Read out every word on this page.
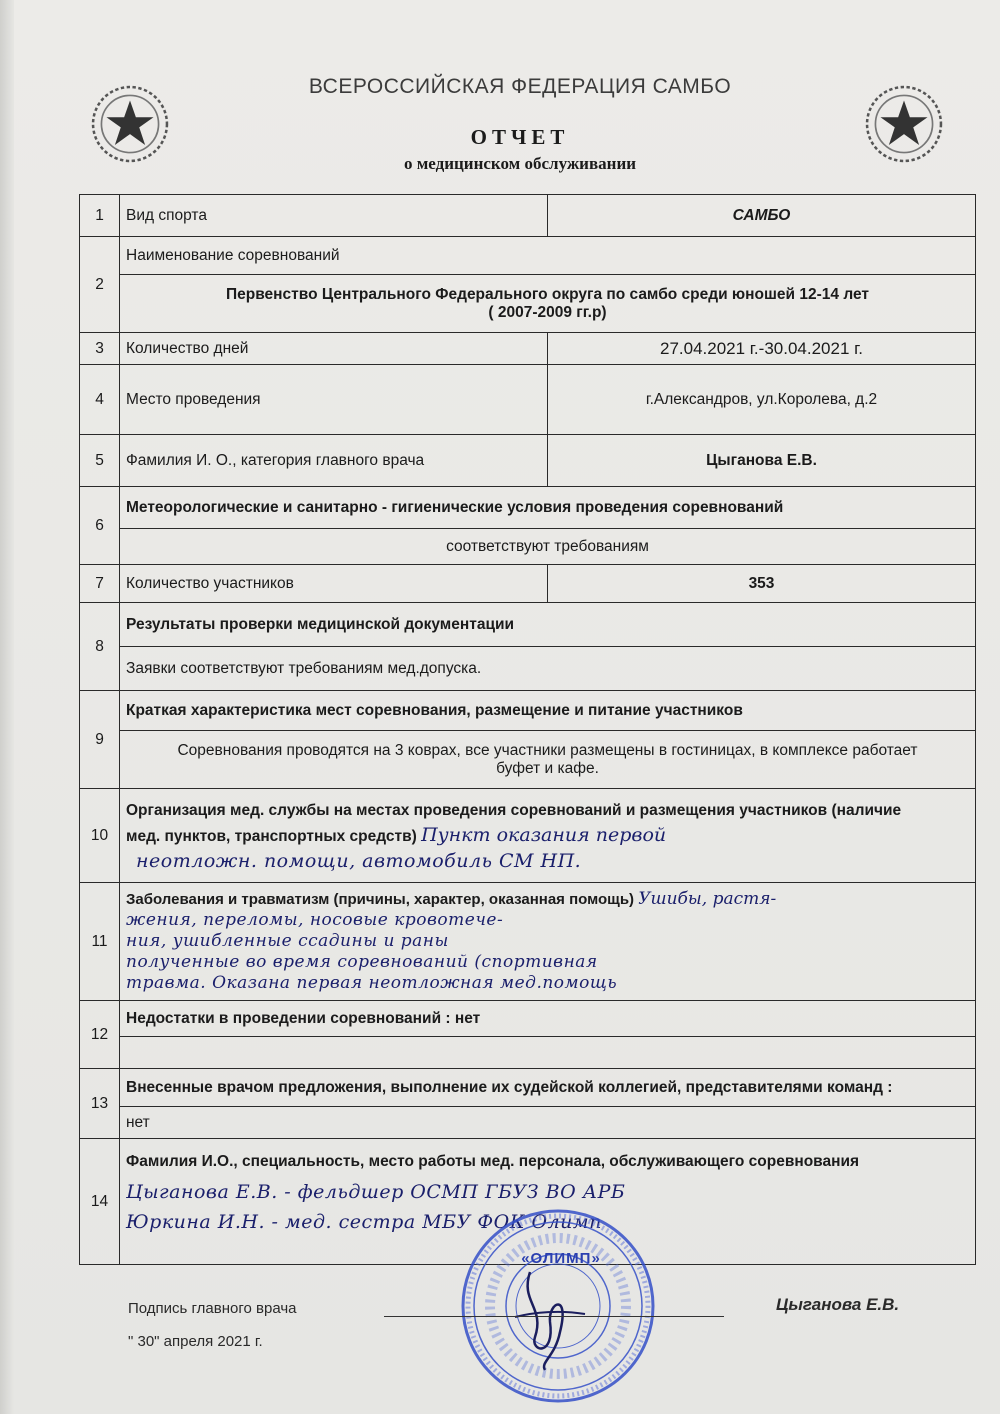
ВСЕРОССИЙСКАЯ ФЕДЕРАЦИЯ САМБО
ОТЧЕТ
о медицинском обслуживании
1	Вид спорта	САМБО
2	Наименование соревнований	

	Первенство Центрального Федерального округа по самбо среди юношей 12-14 лет
( 2007-2009 гг.р)	

3	Количество дней	27.04.2021 г.-30.04.2021 г.
4	Место проведения	г.Александров, ул.Королева, д.2
5	Фамилия И. О., категория главного врача	Цыганова Е.В.
6	Метеорологические и санитарно - гигиенические условия проведения соревнований	
	соответствуют требованиям	
7	Количество участников	353
8	Результаты проверки медицинской документации	
	Заявки соответствуют требованиям мед.допуска.	
9	Краткая характеристика мест соревнования, размещение и питание участников	

	Соревнования проводятся на 3 коврах, все участники размещены в гостиницах, в комплексе работает
буфет и кафе.	

10	Организация мед. службы на местах проведения соревнований и размещения участников (наличие
мед. пунктов, транспортных средств) Пункт оказания первой
неотложн. помощи, автомобиль СМ НП.	

11	Заболевания и травматизм (причины, характер, оказанная помощь) Ушибы, растя-
жения, переломы, носовые кровотече-
ния, ушибленные ссадины и раны
полученные во время соревнований (спортивная
травма. Оказана первая неотложная мед.помощь	

12	Недостатки в проведении соревнований : нет	

13	Внесенные врачом предложения, выполнение их судейской коллегией, представителями команд :	
	нет	
14	Фамилия И.О., специальность, место работы мед. персонала, обслуживающего соревнования
Цыганова Е.В. - фельдшер ОСМП ГБУЗ ВО АРБ
Юркина И.Н. - мед. сестра МБУ ФОК Олимп	
«ОЛИМП»
Подпись главного врача	Цыганова Е.В.
" 30" апреля 2021 г.
